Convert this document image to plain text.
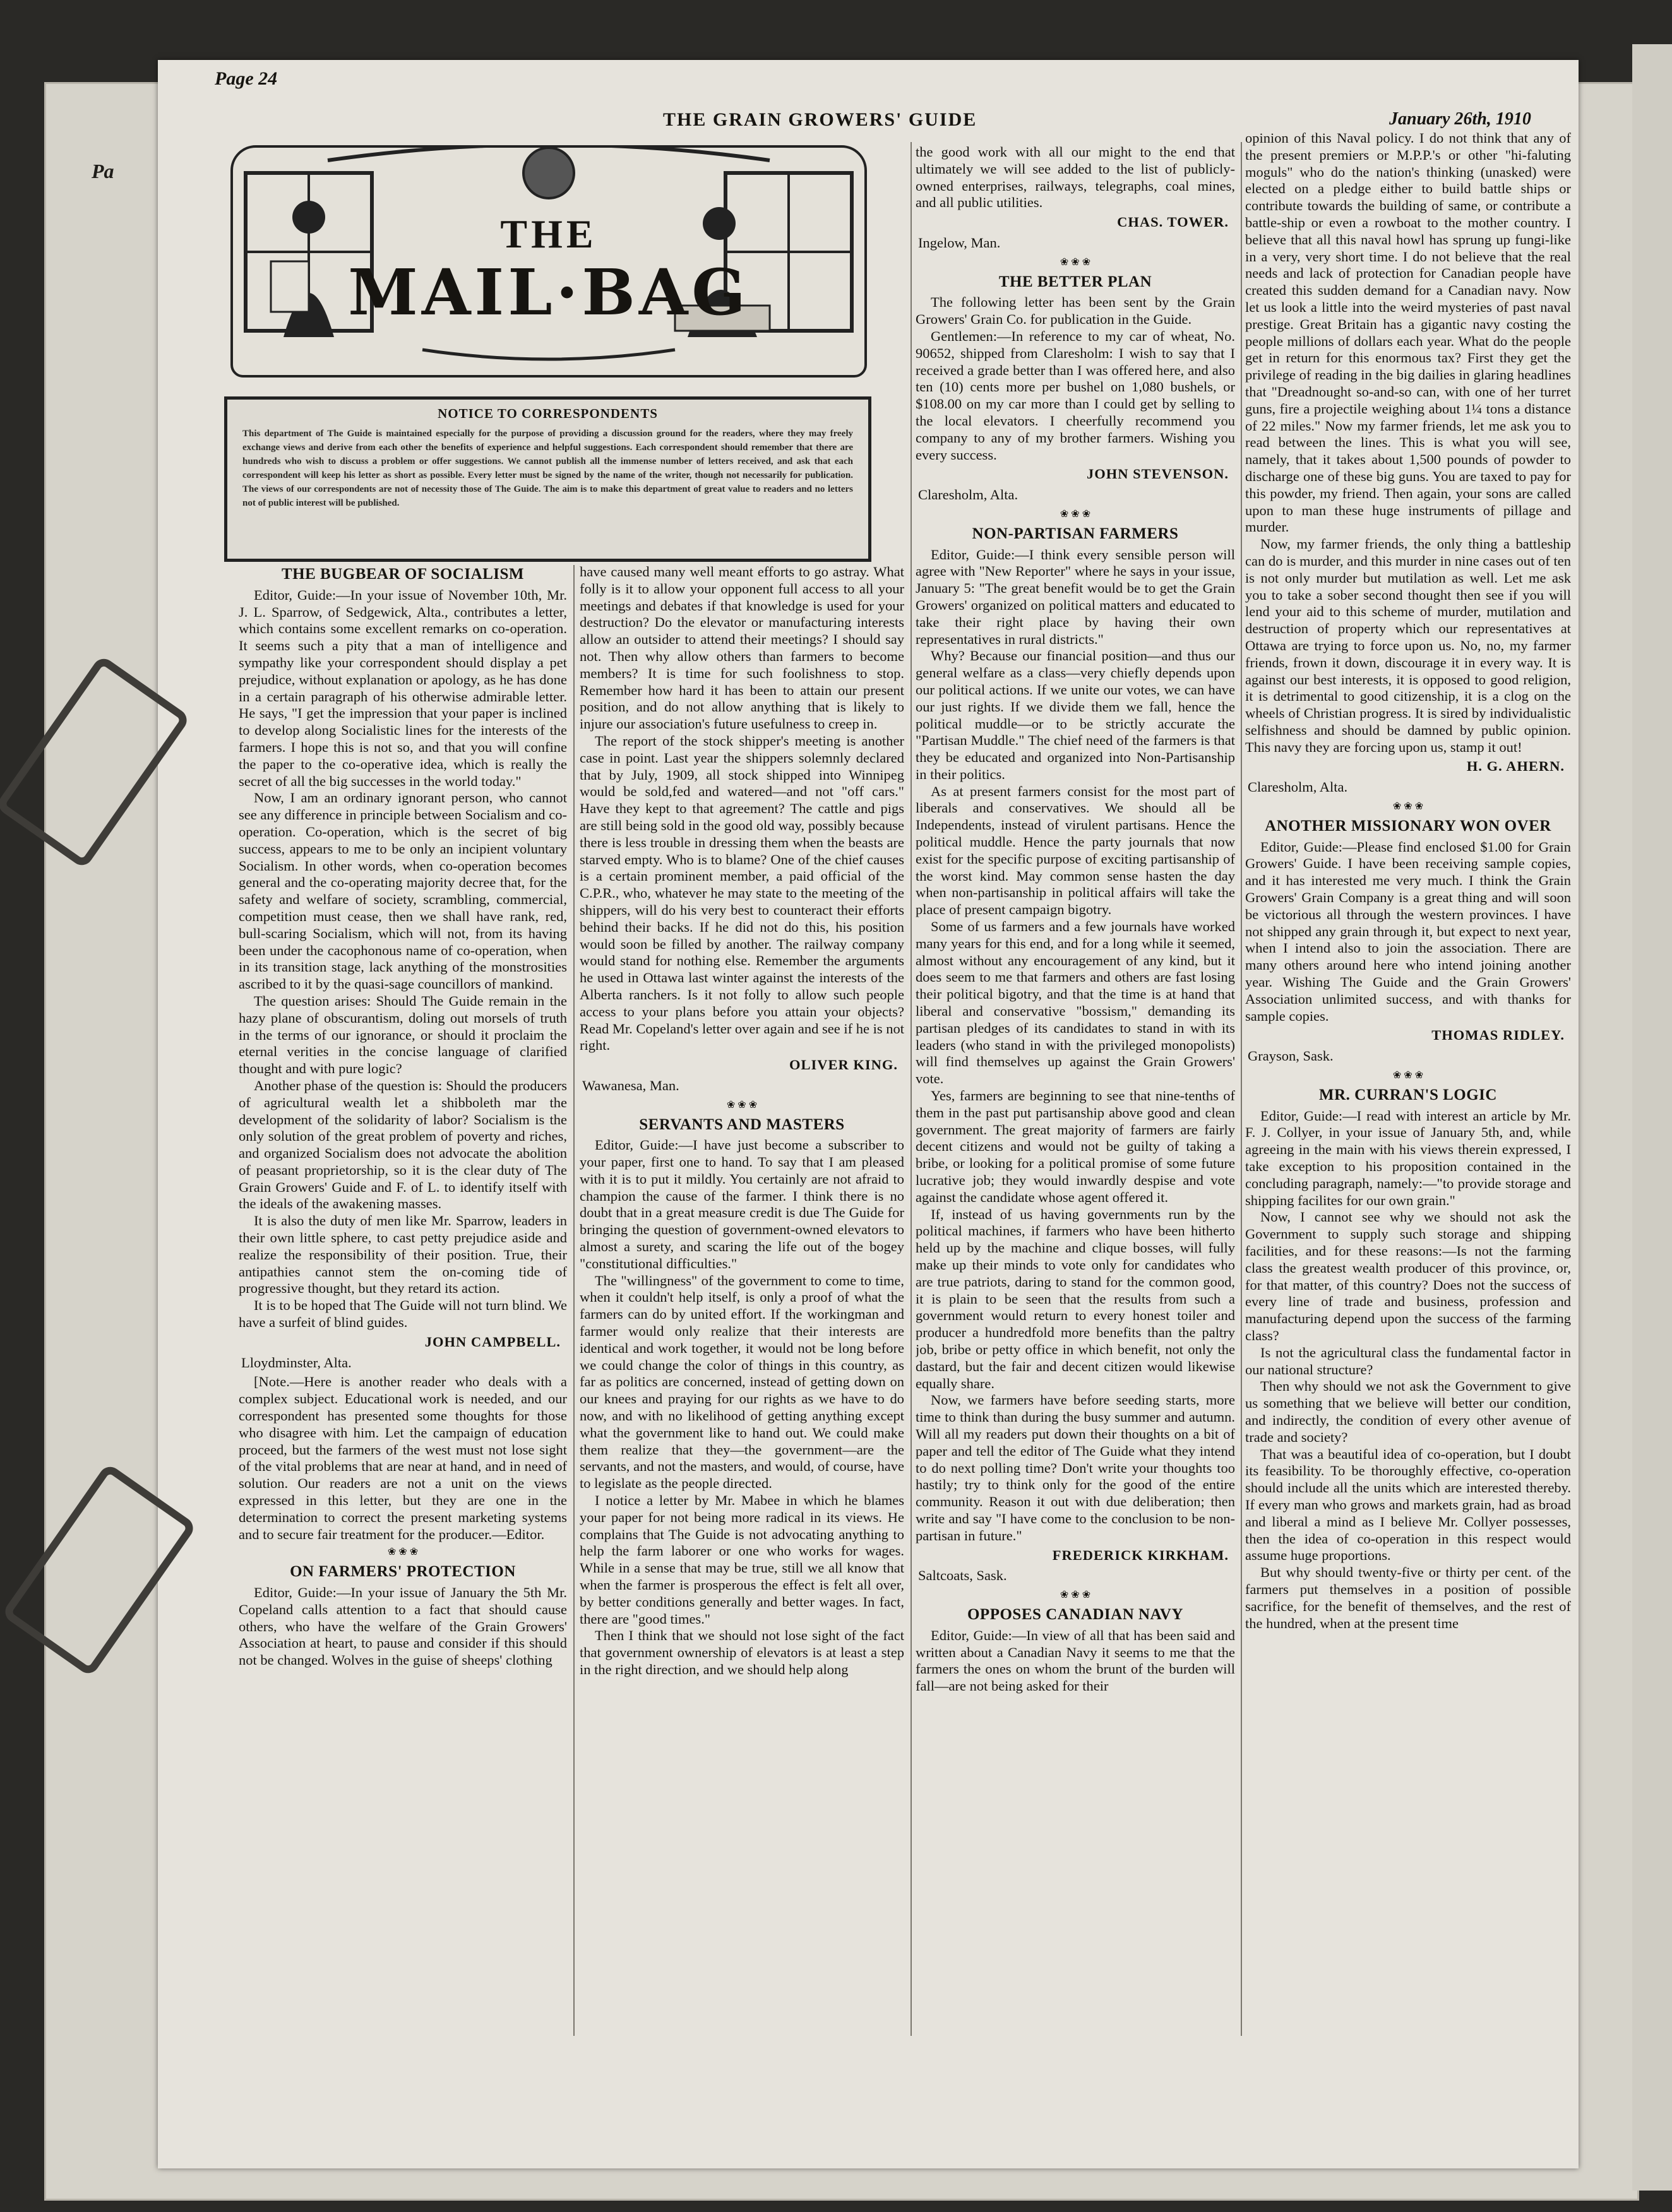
Pa
THE GRAIN GROWERS' GUIDE	January 26th, 1910
Page 24
THE
MAIL·BAG
NOTICE TO CORRESPONDENTS
This department of The Guide is maintained especially for the purpose of providing a discussion ground for the readers, where they may freely exchange views and derive from each other the benefits of experience and helpful suggestions. Each correspondent should remember that there are hundreds who wish to discuss a problem or offer suggestions. We cannot publish all the immense number of letters received, and ask that each correspondent will keep his letter as short as possible. Every letter must be signed by the name of the writer, though not necessarily for publication. The views of our correspondents are not of necessity those of The Guide. The aim is to make this department of great value to readers and no letters not of public interest will be published.
THE BUGBEAR OF SOCIALISM

Editor, Guide:—In your issue of November 10th, Mr. J. L. Sparrow, of Sedgewick, Alta., contributes a letter, which contains some excellent remarks on co-operation. It seems such a pity that a man of intelligence and sympathy like your correspondent should display a pet prejudice, without explanation or apology, as he has done in a certain paragraph of his otherwise admirable letter. He says, "I get the impression that your paper is inclined to develop along Socialistic lines for the interests of the farmers. I hope this is not so, and that you will confine the paper to the co-operative idea, which is really the secret of all the big successes in the world today."

Now, I am an ordinary ignorant person, who cannot see any difference in principle between Socialism and co-operation. Co-operation, which is the secret of big success, appears to me to be only an incipient voluntary Socialism. In other words, when co-operation becomes general and the co-operating majority decree that, for the safety and welfare of society, scrambling, commercial, competition must cease, then we shall have rank, red, bull-scaring Socialism, which will not, from its having been under the cacophonous name of co-operation, when in its transition stage, lack anything of the monstrosities ascribed to it by the quasi-sage councillors of mankind.

The question arises: Should The Guide remain in the hazy plane of obscurantism, doling out morsels of truth in the terms of our ignorance, or should it proclaim the eternal verities in the concise language of clarified thought and with pure logic?

Another phase of the question is: Should the producers of agricultural wealth let a shibboleth mar the development of the solidarity of labor? Socialism is the only solution of the great problem of poverty and riches, and organized Socialism does not advocate the abolition of peasant proprietorship, so it is the clear duty of The Grain Growers' Guide and F. of L. to identify itself with the ideals of the awakening masses.

It is also the duty of men like Mr. Sparrow, leaders in their own little sphere, to cast petty prejudice aside and realize the responsibility of their position. True, their antipathies cannot stem the on-coming tide of progressive thought, but they retard its action.

It is to be hoped that The Guide will not turn blind. We have a surfeit of blind guides.

JOHN CAMPBELL.
Lloydminster, Alta.

[Note.—Here is another reader who deals with a complex subject. Educational work is needed, and our correspondent has presented some thoughts for those who disagree with him. Let the campaign of education proceed, but the farmers of the west must not lose sight of the vital problems that are near at hand, and in need of solution. Our readers are not a unit on the views expressed in this letter, but they are one in the determination to correct the present marketing systems and to secure fair treatment for the producer.—Editor.

❀ ❀ ❀
ON FARMERS' PROTECTION

Editor, Guide:—In your issue of January the 5th Mr. Copeland calls attention to a fact that should cause others, who have the welfare of the Grain Growers' Association at heart, to pause and consider if this should not be changed. Wolves in the guise of sheeps' clothing

have caused many well meant efforts to go astray. What folly is it to allow your opponent full access to all your meetings and debates if that knowledge is used for your destruction? Do the elevator or manufacturing interests allow an outsider to attend their meetings? I should say not. Then why allow others than farmers to become members? It is time for such foolishness to stop. Remember how hard it has been to attain our present position, and do not allow anything that is likely to injure our association's future usefulness to creep in.

The report of the stock shipper's meeting is another case in point. Last year the shippers solemnly declared that by July, 1909, all stock shipped into Winnipeg would be sold,fed and watered—and not "off cars." Have they kept to that agreement? The cattle and pigs are still being sold in the good old way, possibly because there is less trouble in dressing them when the beasts are starved empty. Who is to blame? One of the chief causes is a certain prominent member, a paid official of the C.P.R., who, whatever he may state to the meeting of the shippers, will do his very best to counteract their efforts behind their backs. If he did not do this, his position would soon be filled by another. The railway company would stand for nothing else. Remember the arguments he used in Ottawa last winter against the interests of the Alberta ranchers. Is it not folly to allow such people access to your plans before you attain your objects? Read Mr. Copeland's letter over again and see if he is not right.

OLIVER KING.
Wawanesa, Man.
❀ ❀ ❀
SERVANTS AND MASTERS

Editor, Guide:—I have just become a subscriber to your paper, first one to hand. To say that I am pleased with it is to put it mildly. You certainly are not afraid to champion the cause of the farmer. I think there is no doubt that in a great measure credit is due The Guide for bringing the question of government-owned elevators to almost a surety, and scaring the life out of the bogey "constitutional difficulties."

The "willingness" of the government to come to time, when it couldn't help itself, is only a proof of what the farmers can do by united effort. If the workingman and farmer would only realize that their interests are identical and work together, it would not be long before we could change the color of things in this country, as far as politics are concerned, instead of getting down on our knees and praying for our rights as we have to do now, and with no likelihood of getting anything except what the government like to hand out. We could make them realize that they—the government—are the servants, and not the masters, and would, of course, have to legislate as the people directed.

I notice a letter by Mr. Mabee in which he blames your paper for not being more radical in its views. He complains that The Guide is not advocating anything to help the farm laborer or one who works for wages. While in a sense that may be true, still we all know that when the farmer is prosperous the effect is felt all over, by better conditions generally and better wages. In fact, there are "good times."

Then I think that we should not lose sight of the fact that government ownership of elevators is at least a step in the right direction, and we should help along

the good work with all our might to the end that ultimately we will see added to the list of publicly-owned enterprises, railways, telegraphs, coal mines, and all public utilities.

CHAS. TOWER.
Ingelow, Man.
❀ ❀ ❀
THE BETTER PLAN

The following letter has been sent by the Grain Growers' Grain Co. for publication in the Guide.

Gentlemen:—In reference to my car of wheat, No. 90652, shipped from Claresholm: I wish to say that I received a grade better than I was offered here, and also ten (10) cents more per bushel on 1,080 bushels, or $108.00 on my car more than I could get by selling to the local elevators. I cheerfully recommend you company to any of my brother farmers. Wishing you every success.

JOHN STEVENSON.
Claresholm, Alta.
❀ ❀ ❀
NON-PARTISAN FARMERS

Editor, Guide:—I think every sensible person will agree with "New Reporter" where he says in your issue, January 5: "The great benefit would be to get the Grain Growers' organized on political matters and educated to take their right place by having their own representatives in rural districts."

Why? Because our financial position—and thus our general welfare as a class—very chiefly depends upon our political actions. If we unite our votes, we can have our just rights. If we divide them we fall, hence the political muddle—or to be strictly accurate the "Partisan Muddle." The chief need of the farmers is that they be educated and organized into Non-Partisanship in their politics.

As at present farmers consist for the most part of liberals and conservatives. We should all be Independents, instead of virulent partisans. Hence the political muddle. Hence the party journals that now exist for the specific purpose of exciting partisanship of the worst kind. May common sense hasten the day when non-partisanship in political affairs will take the place of present campaign bigotry.

Some of us farmers and a few journals have worked many years for this end, and for a long while it seemed, almost without any encouragement of any kind, but it does seem to me that farmers and others are fast losing their political bigotry, and that the time is at hand that liberal and conservative "bossism," demanding its partisan pledges of its candidates to stand in with its leaders (who stand in with the privileged monopolists) will find themselves up against the Grain Growers' vote.

Yes, farmers are beginning to see that nine-tenths of them in the past put partisanship above good and clean government. The great majority of farmers are fairly decent citizens and would not be guilty of taking a bribe, or looking for a political promise of some future lucrative job; they would inwardly despise and vote against the candidate whose agent offered it.

If, instead of us having governments run by the political machines, if farmers who have been hitherto held up by the machine and clique bosses, will fully make up their minds to vote only for candidates who are true patriots, daring to stand for the common good, it is plain to be seen that the results from such a government would return to every honest toiler and producer a hundredfold more benefits than the paltry job, bribe or petty office in which benefit, not only the dastard, but the fair and decent citizen would likewise equally share.

Now, we farmers have before seeding starts, more time to think than during the busy summer and autumn. Will all my readers put down their thoughts on a bit of paper and tell the editor of The Guide what they intend to do next polling time? Don't write your thoughts too hastily; try to think only for the good of the entire community. Reason it out with due deliberation; then write and say "I have come to the conclusion to be non-partisan in future."

FREDERICK KIRKHAM.
Saltcoats, Sask.
❀ ❀ ❀
OPPOSES CANADIAN NAVY

Editor, Guide:—In view of all that has been said and written about a Canadian Navy it seems to me that the farmers the ones on whom the brunt of the burden will fall—are not being asked for their

opinion of this Naval policy. I do not think that any of the present premiers or M.P.P.'s or other "hi-faluting moguls" who do the nation's thinking (unasked) were elected on a pledge either to build battle ships or contribute towards the building of same, or contribute a battle-ship or even a rowboat to the mother country. I believe that all this naval howl has sprung up fungi-like in a very, very short time. I do not believe that the real needs and lack of protection for Canadian people have created this sudden demand for a Canadian navy. Now let us look a little into the weird mysteries of past naval prestige. Great Britain has a gigantic navy costing the people millions of dollars each year. What do the people get in return for this enormous tax? First they get the privilege of reading in the big dailies in glaring headlines that "Dreadnought so-and-so can, with one of her turret guns, fire a projectile weighing about 1¼ tons a distance of 22 miles." Now my farmer friends, let me ask you to read between the lines. This is what you will see, namely, that it takes about 1,500 pounds of powder to discharge one of these big guns. You are taxed to pay for this powder, my friend. Then again, your sons are called upon to man these huge instruments of pillage and murder.

Now, my farmer friends, the only thing a battleship can do is murder, and this murder in nine cases out of ten is not only murder but mutilation as well. Let me ask you to take a sober second thought then see if you will lend your aid to this scheme of murder, mutilation and destruction of property which our representatives at Ottawa are trying to force upon us. No, no, my farmer friends, frown it down, discourage it in every way. It is against our best interests, it is opposed to good religion, it is detrimental to good citizenship, it is a clog on the wheels of Christian progress. It is sired by individualistic selfishness and should be damned by public opinion. This navy they are forcing upon us, stamp it out!

H. G. AHERN.
Claresholm, Alta.
❀ ❀ ❀
ANOTHER MISSIONARY WON OVER

Editor, Guide:—Please find enclosed $1.00 for Grain Growers' Guide. I have been receiving sample copies, and it has interested me very much. I think the Grain Growers' Grain Company is a great thing and will soon be victorious all through the western provinces. I have not shipped any grain through it, but expect to next year, when I intend also to join the association. There are many others around here who intend joining another year. Wishing The Guide and the Grain Growers' Association unlimited success, and with thanks for sample copies.

THOMAS RIDLEY.
Grayson, Sask.
❀ ❀ ❀
MR. CURRAN'S LOGIC

Editor, Guide:—I read with interest an article by Mr. F. J. Collyer, in your issue of January 5th, and, while agreeing in the main with his views therein expressed, I take exception to his proposition contained in the concluding paragraph, namely:—"to provide storage and shipping facilites for our own grain."

Now, I cannot see why we should not ask the Government to supply such storage and shipping facilities, and for these reasons:—Is not the farming class the greatest wealth producer of this province, or, for that matter, of this country? Does not the success of every line of trade and business, profession and manufacturing depend upon the success of the farming class?

Is not the agricultural class the fundamental factor in our national structure?

Then why should we not ask the Government to give us something that we believe will better our condition, and indirectly, the condition of every other avenue of trade and society?

That was a beautiful idea of co-operation, but I doubt its feasibility. To be thoroughly effective, co-operation should include all the units which are interested thereby. If every man who grows and markets grain, had as broad and liberal a mind as I believe Mr. Collyer possesses, then the idea of co-operation in this respect would assume huge proportions.

But why should twenty-five or thirty per cent. of the farmers put themselves in a position of possible sacrifice, for the benefit of themselves, and the rest of the hundred, when at the present time
